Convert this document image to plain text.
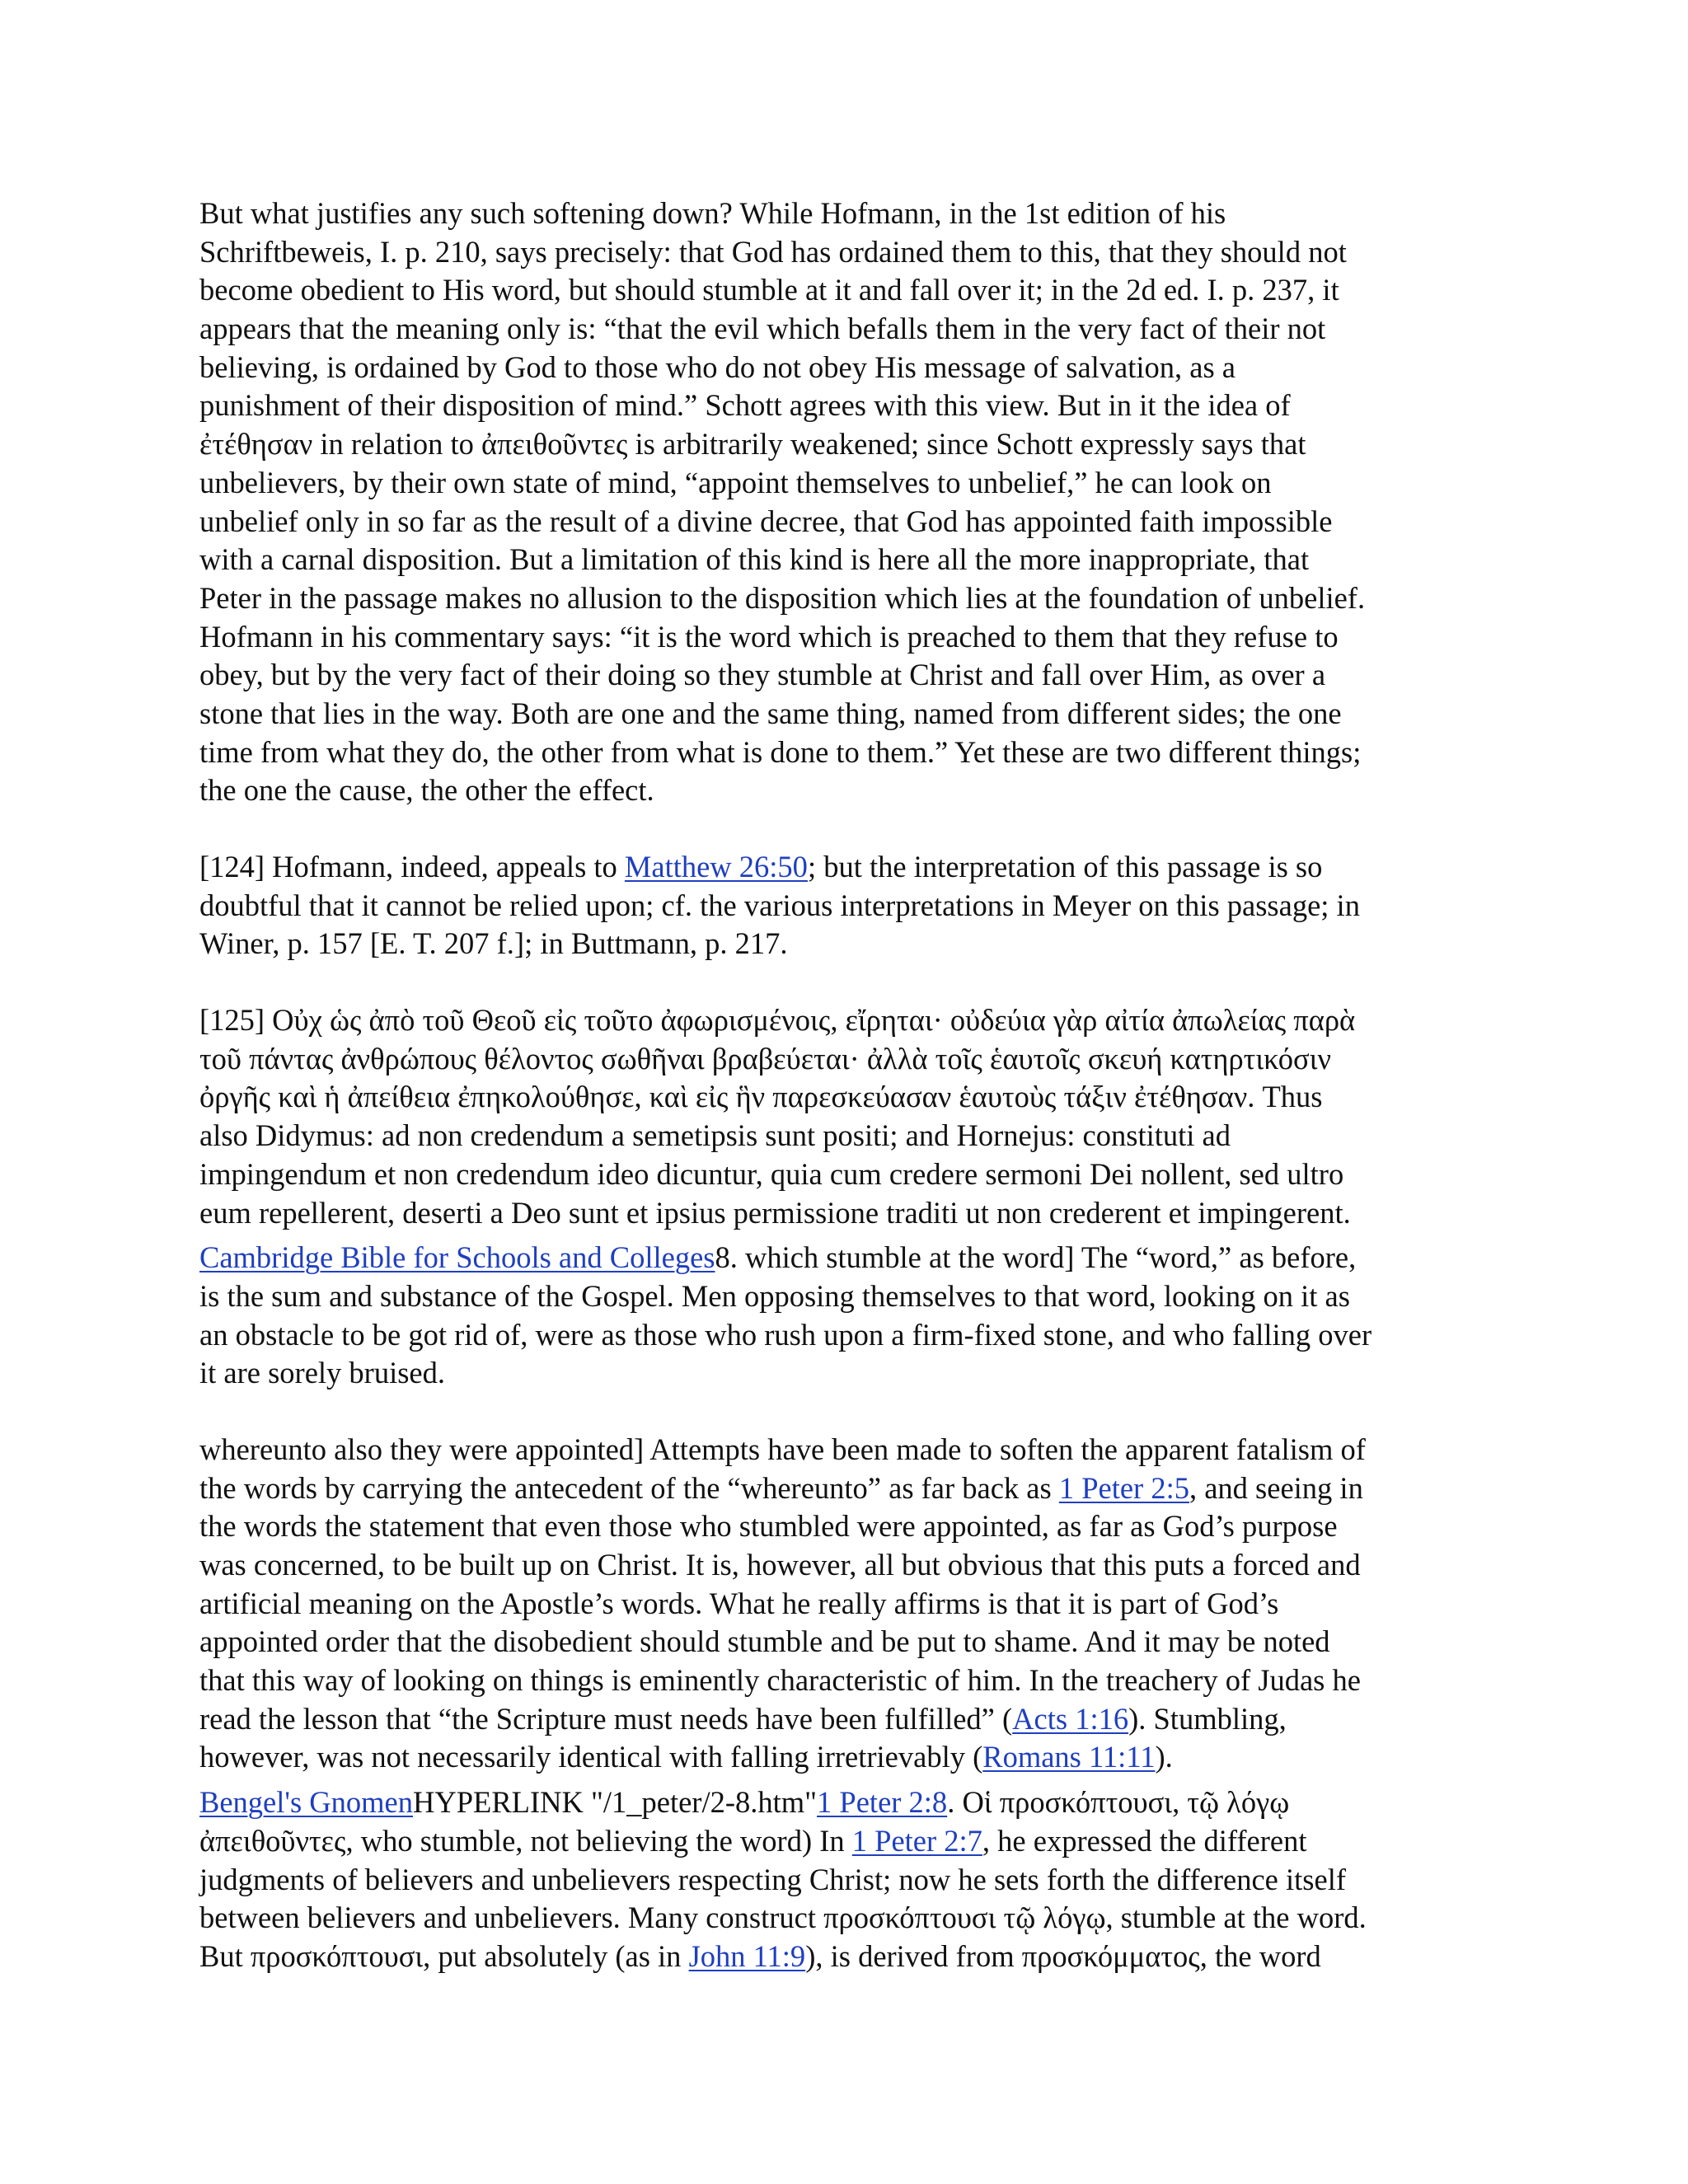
But what justifies any such softening down? While Hofmann, in the 1st edition of his
Schriftbeweis, I. p. 210, says precisely: that God has ordained them to this, that they should not
become obedient to His word, but should stumble at it and fall over it; in the 2d ed. I. p. 237, it
appears that the meaning only is: “that the evil which befalls them in the very fact of their not
believing, is ordained by God to those who do not obey His message of salvation, as a
punishment of their disposition of mind.” Schott agrees with this view. But in it the idea of
ἐτέθησαν in relation to ἀπειθοῦντες is arbitrarily weakened; since Schott expressly says that
unbelievers, by their own state of mind, “appoint themselves to unbelief,” he can look on
unbelief only in so far as the result of a divine decree, that God has appointed faith impossible
with a carnal disposition. But a limitation of this kind is here all the more inappropriate, that
Peter in the passage makes no allusion to the disposition which lies at the foundation of unbelief.
Hofmann in his commentary says: “it is the word which is preached to them that they refuse to
obey, but by the very fact of their doing so they stumble at Christ and fall over Him, as over a
stone that lies in the way. Both are one and the same thing, named from different sides; the one
time from what they do, the other from what is done to them.” Yet these are two different things;
the one the cause, the other the effect.
[124] Hofmann, indeed, appeals to Matthew 26:50; but the interpretation of this passage is so
doubtful that it cannot be relied upon; cf. the various interpretations in Meyer on this passage; in
Winer, p. 157 [E. T. 207 f.]; in Buttmann, p. 217.
[125] Οὐχ ὡς ἀπὸ τοῦ Θεοῦ εἰς τοῦτο ἀφωρισμένοις, εἴρηται· οὐδεύια γὰρ αἰτία ἀπωλείας παρὰ
τοῦ πάντας ἀνθρώπους θέλοντος σωθῆναι βραβεύεται· ἀλλὰ τοῖς ἑαυτοῖς σκευή κατηρτικόσιν
ὀργῆς καὶ ἡ ἀπείθεια ἐπηκολούθησε, καὶ εἰς ἣν παρεσκεύασαν ἑαυτοὺς τάξιν ἐτέθησαν. Thus
also Didymus: ad non credendum a semetipsis sunt positi; and Hornejus: constituti ad
impingendum et non credendum ideo dicuntur, quia cum credere sermoni Dei nollent, sed ultro
eum repellerent, deserti a Deo sunt et ipsius permissione traditi ut non crederent et impingerent.
Cambridge Bible for Schools and Colleges8. which stumble at the word] The “word,” as before,
is the sum and substance of the Gospel. Men opposing themselves to that word, looking on it as
an obstacle to be got rid of, were as those who rush upon a firm-fixed stone, and who falling over
it are sorely bruised.
whereunto also they were appointed] Attempts have been made to soften the apparent fatalism of
the words by carrying the antecedent of the “whereunto” as far back as 1 Peter 2:5, and seeing in
the words the statement that even those who stumbled were appointed, as far as God’s purpose
was concerned, to be built up on Christ. It is, however, all but obvious that this puts a forced and
artificial meaning on the Apostle’s words. What he really affirms is that it is part of God’s
appointed order that the disobedient should stumble and be put to shame. And it may be noted
that this way of looking on things is eminently characteristic of him. In the treachery of Judas he
read the lesson that “the Scripture must needs have been fulfilled” (Acts 1:16). Stumbling,
however, was not necessarily identical with falling irretrievably (Romans 11:11).
Bengel's GnomenHYPERLINK "/1_peter/2-8.htm"1 Peter 2:8. Οἱ προσκόπτουσι, τῷ λόγῳ
ἀπειθοῦντες, who stumble, not believing the word) In 1 Peter 2:7, he expressed the different
judgments of believers and unbelievers respecting Christ; now he sets forth the difference itself
between believers and unbelievers. Many construct προσκόπτουσι τῷ λόγῳ, stumble at the word.
But προσκόπτουσι, put absolutely (as in John 11:9), is derived from προσκόμματος, the word
